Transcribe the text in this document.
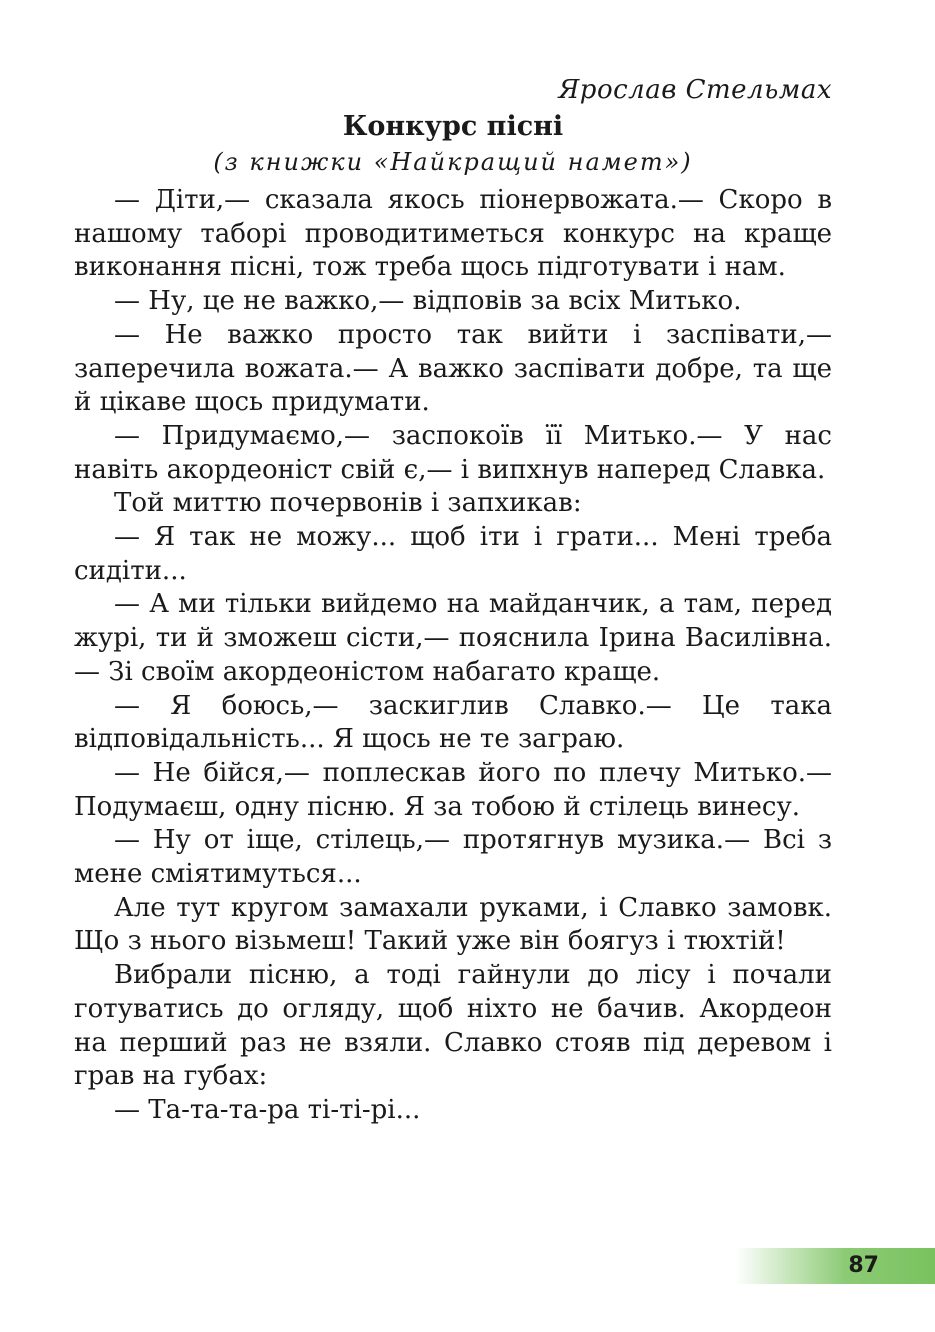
Ярослав Стельмах

Конкурс пісні

(з книжки «Найкращий намет»)

— Діти,— сказала якось піонервожата.— Скоро в нашому таборі проводитиметься конкурс на краще виконання пісні, тож треба щось підготувати і нам.

— Ну, це не важко,— відповів за всіх Митько.

— Не важко просто так вийти і заспівати,— заперечила вожата.— А важко заспівати добре, та ще й цікаве щось придумати.

— Придумаємо,— заспокоїв її Митько.— У нас навіть акордеоніст свій є,— і випхнув наперед Славка.

Той миттю почервонів і запхикав:

— Я так не можу... щоб іти і грати... Мені треба сидіти...

— А ми тільки вийдемо на майданчик, а там, перед журі, ти й зможеш сісти,— пояснила Ірина Василівна.— Зі своїм акордеоністом набагато краще.

— Я боюсь,— заскиглив Славко.— Це така відповідальність... Я щось не те заграю.

— Не бійся,— поплескав його по плечу Митько.— Подумаєш, одну пісню. Я за тобою й стілець винесу.

— Ну от іще, стілець,— протягнув музика.— Всі з мене сміятимуться...

Але тут кругом замахали руками, і Славко замовк. Що з нього візьмеш! Такий уже він боягуз і тюхтій!

Вибрали пісню, а тоді гайнули до лісу і почали готуватись до огляду, щоб ніхто не бачив. Акордеон на перший раз не взяли. Славко стояв під деревом і грав на губах:

— Та-та-та-ра ті-ті-рі...

87
